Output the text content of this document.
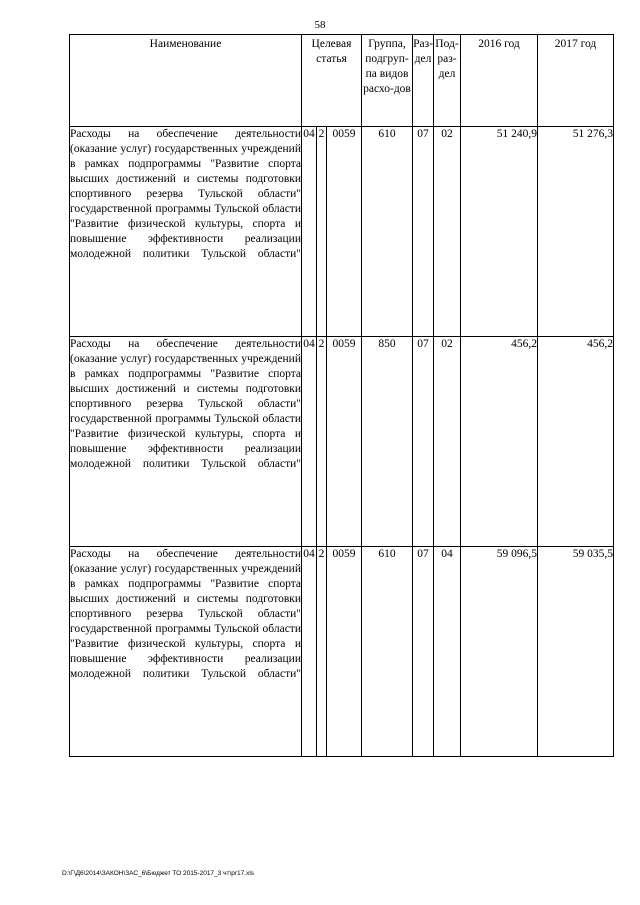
58
Наименование	Целевая статья			Группа, подгруп-па видов расхо-дов	Раз-дел	Под-раз-дел	2016 год	2017 год
Расходы на обеспечение деятельности (оказание услуг) государственных учреждений в рамках подпрограммы "Развитие спорта высших достижений и системы подготовки спортивного резерва Тульской области" государственной программы Тульской области "Развитие физической культуры, спорта и повышение эффективности реализации молодежной политики Тульской области"	04	2	0059	610	07	02	51 240,9	51 276,3
Расходы на обеспечение деятельности (оказание услуг) государственных учреждений в рамках подпрограммы "Развитие спорта высших достижений и системы подготовки спортивного резерва Тульской области" государственной программы Тульской области "Развитие физической культуры, спорта и повышение эффективности реализации молодежной политики Тульской области"	04	2	0059	850	07	02	456,2	456,2
Расходы на обеспечение деятельности (оказание услуг) государственных учреждений в рамках подпрограммы "Развитие спорта высших достижений и системы подготовки спортивного резерва Тульской области" государственной программы Тульской области "Развитие физической культуры, спорта и повышение эффективности реализации молодежной политики Тульской области"	04	2	0059	610	07	04	59 096,5	59 035,5
D:\Г\Д6\2014\ЗАКОН\ЗАС_6\Бюджет ТО 2015-2017_3 чт\pr17.xls
